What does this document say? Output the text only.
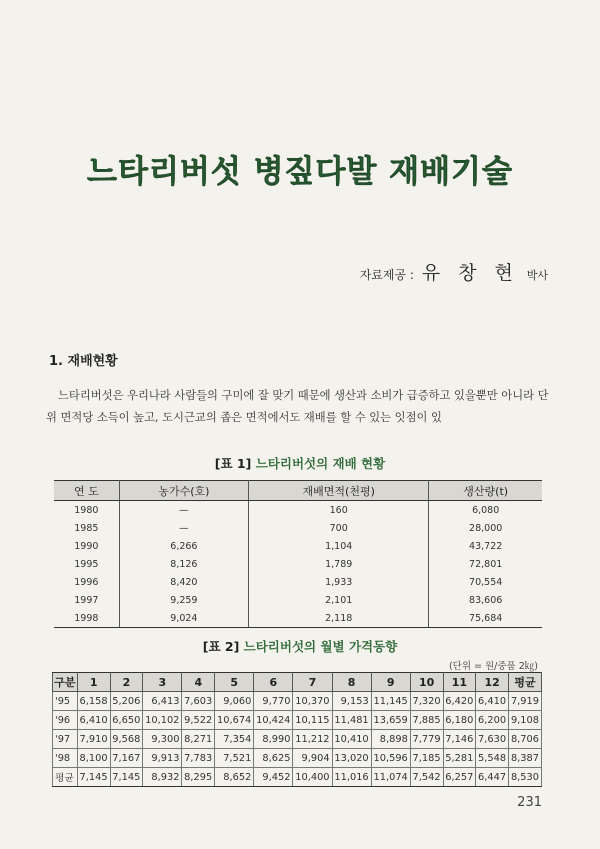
느타리버섯 병짚다발 재배기술
자료제공 : 유 창 현 박사
1. 재배현황
느타리버섯은 우리나라 사람들의 구미에 잘 맞기 때문에 생산과 소비가 급증하고 있을뿐만 아니라 단위 면적당 소득이 높고, 도시근교의 좁은 면적에서도 재배를 할 수 있는 잇점이 있
[표 1] 느타리버섯의 재배 현황
연 도	농가수(호)	재배면적(천평)	생산량(t)
1980	—	160	6,080
1985	—	700	28,000
1990	6,266	1,104	43,722
1995	8,126	1,789	72,801
1996	8,420	1,933	70,554
1997	9,259	2,101	83,606
1998	9,024	2,118	75,684
[표 2] 느타리버섯의 월별 가격동향
(단위 = 원/중품 2㎏)
구분	1	2	3	4	5	6	7	8	9	10	11	12	평균
'95	6,158	5,206	6,413	7,603	9,060	9,770	10,370	9,153	11,145	7,320	6,420	6,410	7,919
'96	6,410	6,650	10,102	9,522	10,674	10,424	10,115	11,481	13,659	7,885	6,180	6,200	9,108
'97	7,910	9,568	9,300	8,271	7,354	8,990	11,212	10,410	8,898	7,779	7,146	7,630	8,706
'98	8,100	7,167	9,913	7,783	7,521	8,625	9,904	13,020	10,596	7,185	5,281	5,548	8,387
평균	7,145	7,145	8,932	8,295	8,652	9,452	10,400	11,016	11,074	7,542	6,257	6,447	8,530
231
